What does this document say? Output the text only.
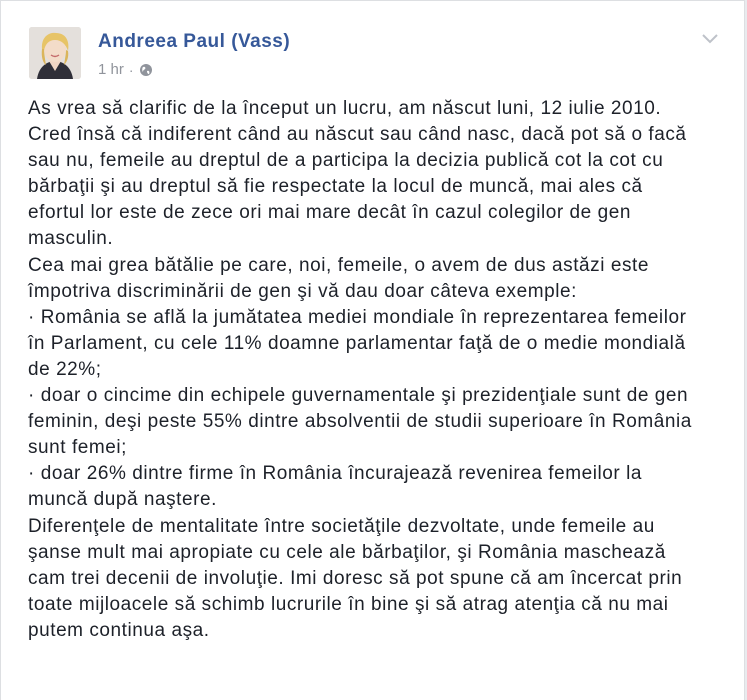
Andreea Paul (Vass)
1 hr ·

As vrea să clarific de la început un lucru, am născut luni, 12 iulie 2010.

Cred însă că indiferent când au născut sau când nasc, dacă pot să o facă

sau nu, femeile au dreptul de a participa la decizia publică cot la cot cu

bărbaţii şi au dreptul să fie respectate la locul de muncă, mai ales că

efortul lor este de zece ori mai mare decât în cazul colegilor de gen

masculin.

Cea mai grea bătălie pe care, noi, femeile, o avem de dus astăzi este

împotriva discriminării de gen şi vă dau doar câteva exemple:

· România se află la jumătatea mediei mondiale în reprezentarea femeilor

în Parlament, cu cele 11% doamne parlamentar faţă de o medie mondială

de 22%;

· doar o cincime din echipele guvernamentale şi prezidenţiale sunt de gen

feminin, deşi peste 55% dintre absolventii de studii superioare în România

sunt femei;

· doar 26% dintre firme în România încurajează revenirea femeilor la

muncă după naştere.

Diferenţele de mentalitate între societăţile dezvoltate, unde femeile au

şanse mult mai apropiate cu cele ale bărbaţilor, şi România maschează

cam trei decenii de involuţie. Imi doresc să pot spune că am încercat prin

toate mijloacele să schimb lucrurile în bine şi să atrag atenţia că nu mai

putem continua aşa.
